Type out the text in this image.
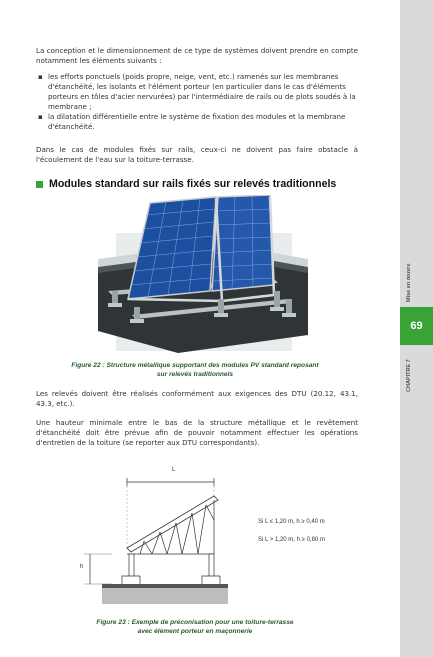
La conception et le dimensionnement de ce type de systèmes doivent prendre en compte notamment les éléments suivants :

▪ les efforts ponctuels (poids propre, neige, vent, etc.) ramenés sur les membranes d'étanchéité, les isolants et l'élément porteur (en particulier dans le cas d'éléments porteurs en tôles d'acier nervurées) par l'intermédiaire de rails ou de plots soudés à la membrane ;
▪ la dilatation différentielle entre le système de fixation des modules et la membrane d'étanchéité.

Dans le cas de modules fixés sur rails, ceux-ci ne doivent pas faire obstacle à l'écoulement de l'eau sur la toiture-terrasse.

Modules standard sur rails fixés sur relevés traditionnels
Figure 22 : Structure métallique supportant des modules PV standard reposant
sur relevés traditionnels

Les relevés doivent être réalisés conformément aux exigences des DTU (20.12, 43.1, 43.3, etc.).

Une hauteur minimale entre le bas de la structure métallique et le revêtement d'étanchéité doit être prévue afin de pouvoir notamment effectuer les opérations d'entretien de la toiture (se reporter aux DTU correspondants).

L
h
Si L ≤ 1,20 m, h ≥ 0,40 m
Si L > 1,20 m, h ≥ 0,80 m
Figure 23 : Exemple de préconisation pour une toiture-terrasse
avec élément porteur en maçonnerie
Mise en œuvre
69
CHAPITRE 7
